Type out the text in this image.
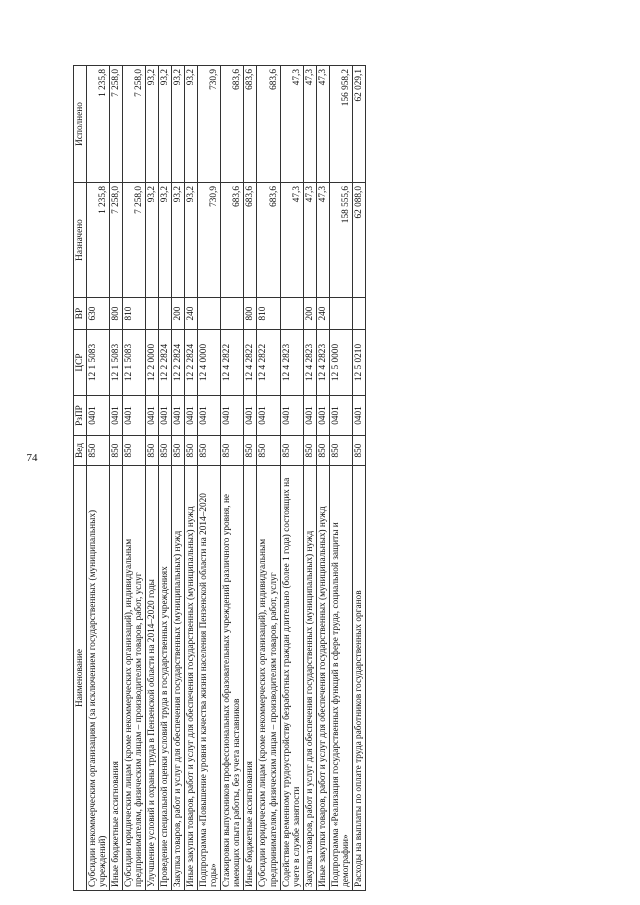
74
Наименование	Вед	РзПР	ЦСР	ВР	Назначено	Исполнено
Субсидии некоммерческим организациям (за исключением государственных (муниципальных) учреждений)	850	0401	12 1 5083	630	1 235,8	1 235,8
Иные бюджетные ассигнования	850	0401	12 1 5083	800	7 258,0	7 258,0
Субсидии юридическим лицам (кроме некоммерческих организаций), индивидуальным предпринимателям, физическим лицам – производителям товаров, работ, услуг	850	0401	12 1 5083	810	7 258,0	7 258,0
Улучшение условий и охраны труда в Пензенской области на 2014–2020 годы	850	0401	12 2 0000		93,2	93,2
Проведение специальной оценки условий труда в государственных учреждениях	850	0401	12 2 2824		93,2	93,2
Закупка товаров, работ и услуг для обеспечения государственных (муниципальных) нужд	850	0401	12 2 2824	200	93,2	93,2
Иные закупки товаров, работ и услуг для обеспечения государственных (муниципальных) нужд	850	0401	12 2 2824	240	93,2	93,2
Подпрограмма «Повышение уровня и качества жизни населения Пензенской области на 2014–2020 годы»	850	0401	12 4 0000		730,9	730,9
Стажировки выпускников профессиональных образовательных учреждений различного уровня, не имеющих опыта работы, без учета наставников	850	0401	12 4 2822		683,6	683,6
Иные бюджетные ассигнования	850	0401	12 4 2822	800	683,6	683,6
Субсидии юридическим лицам (кроме некоммерческих организаций), индивидуальным предпринимателям, физическим лицам – производителям товаров, работ, услуг	850	0401	12 4 2822	810	683,6	683,6
Содействие временному трудоустройству безработных граждан длительно (более 1 года) состоящих на учете в службе занятости	850	0401	12 4 2823		47,3	47,3
Закупка товаров, работ и услуг для обеспечения государственных (муниципальных) нужд	850	0401	12 4 2823	200	47,3	47,3
Иные закупки товаров, работ и услуг для обеспечения государственных (муниципальных) нужд	850	0401	12 4 2823	240	47,3	47,3
Подпрограмма «Реализация государственных функций в сфере труда, социальной защиты и демографии»	850	0401	12 5 0000		158 555,6	156 958,2
Расходы на выплаты по оплате труда работников государственных органов	850	0401	12 5 0210		62 088,0	62 029,1
